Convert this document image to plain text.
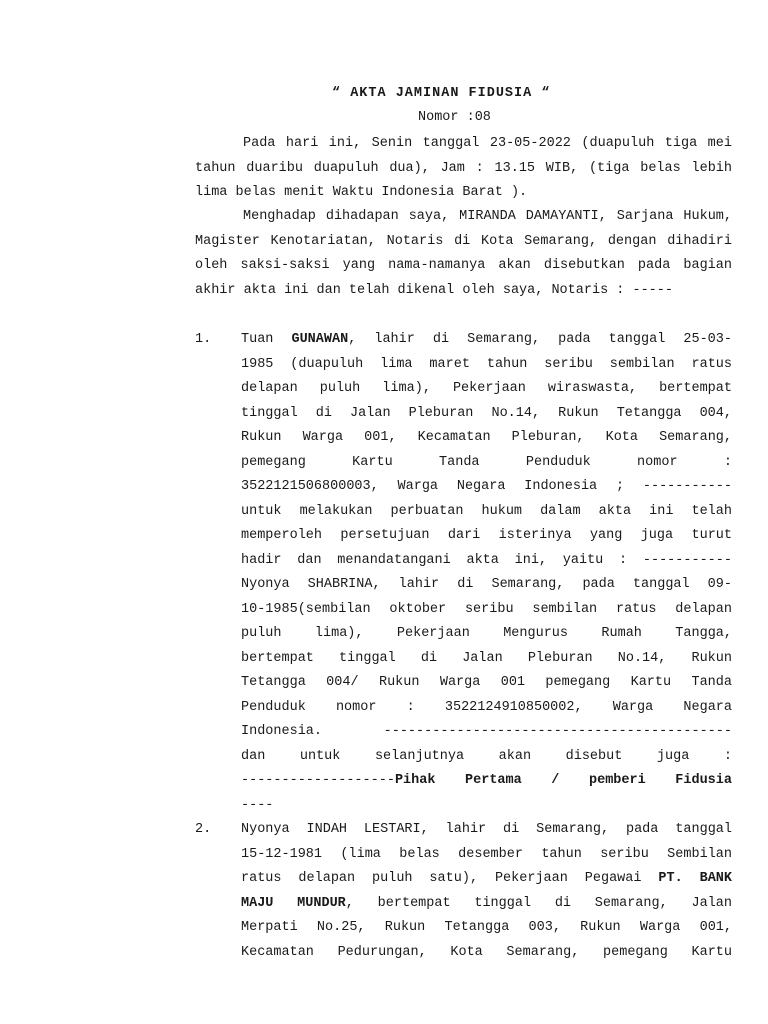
“ AKTA JAMINAN FIDUSIA “
Nomor :08

Pada hari ini, Senin tanggal 23-05-2022 (duapuluh tiga mei tahun duaribu duapuluh dua), Jam : 13.15 WIB, (tiga belas lebih lima belas menit Waktu Indonesia Barat ).

Menghadap dihadapan saya, MIRANDA DAMAYANTI, Sarjana Hukum, Magister Kenotariatan, Notaris di Kota Semarang, dengan dihadiri oleh saksi-saksi yang nama-namanya akan disebutkan pada bagian akhir akta ini dan telah dikenal oleh saya, Notaris : -----

1. Tuan GUNAWAN, lahir di Semarang, pada tanggal 25-03-
1985 (duapuluh lima maret tahun seribu sembilan ratus
delapan puluh lima), Pekerjaan wiraswasta, bertempat
tinggal di Jalan Pleburan No.14, Rukun Tetangga 004,
Rukun Warga 001, Kecamatan Pleburan, Kota Semarang,
pemegang Kartu Tanda Penduduk nomor :
3522121506800003, Warga Negara Indonesia ; -----------
untuk melakukan perbuatan hukum dalam akta ini telah
memperoleh persetujuan dari isterinya yang juga turut
hadir dan menandatangani akta ini, yaitu : -----------
Nyonya SHABRINA, lahir di Semarang, pada tanggal 09-
10-1985(sembilan oktober seribu sembilan ratus delapan
puluh lima), Pekerjaan Mengurus Rumah Tangga,
bertempat tinggal di Jalan Pleburan No.14, Rukun
Tetangga 004/ Rukun Warga 001 pemegang Kartu Tanda
Penduduk nomor : 3522124910850002, Warga Negara
Indonesia. -------------------------------------------
dan untuk selanjutnya akan disebut juga :
-------------------Pihak Pertama / pemberi Fidusia
----
2. Nyonya INDAH LESTARI, lahir di Semarang, pada tanggal
15-12-1981 (lima belas desember tahun seribu Sembilan
ratus delapan puluh satu), Pekerjaan Pegawai PT. BANK
MAJU MUNDUR, bertempat tinggal di Semarang, Jalan
Merpati No.25, Rukun Tetangga 003, Rukun Warga 001,
Kecamatan Pedurungan, Kota Semarang, pemegang Kartu
